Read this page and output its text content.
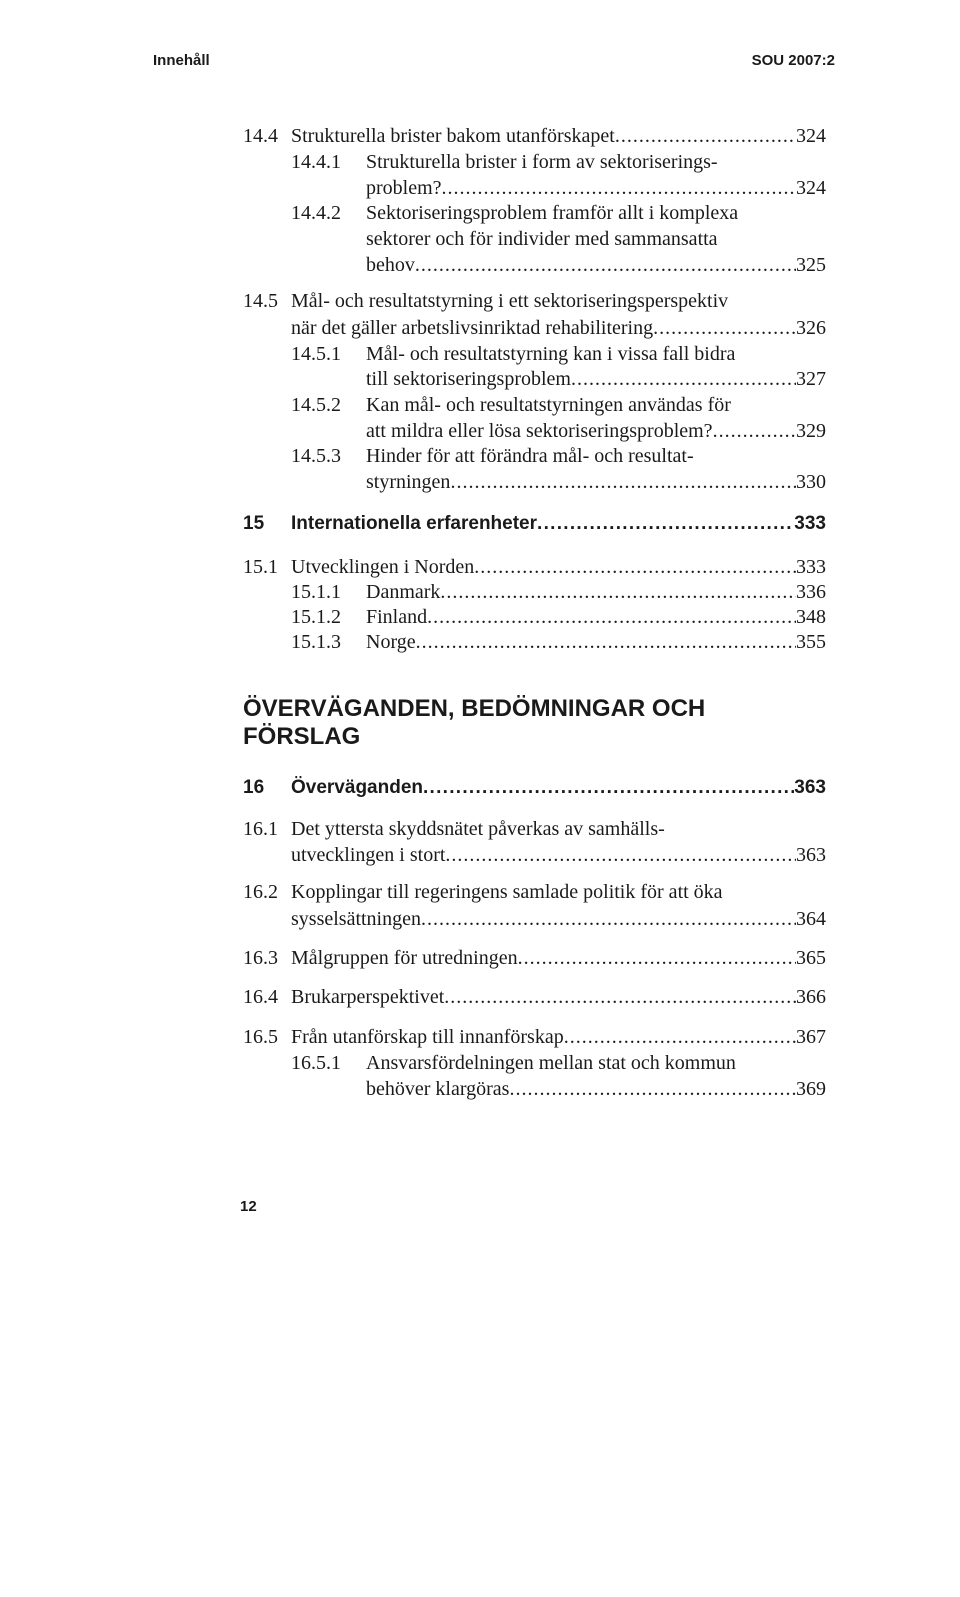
Innehåll	SOU 2007:2
14.4 Strukturella brister bakom utanförskapet . . .	324
14.4.1 Strukturella brister i form av sektoriserings-
problem? . . .	324
14.4.2 Sektoriseringsproblem framför allt i komplexa
sektorer och för individer med sammansatta
behov . . .	325
14.5 Mål- och resultatstyrning i ett sektoriseringsperspektiv
när det gäller arbetslivsinriktad rehabilitering . . .	326
14.5.1 Mål- och resultatstyrning kan i vissa fall bidra
till sektoriseringsproblem . . .	327
14.5.2 Kan mål- och resultatstyrningen användas för
att mildra eller lösa sektoriseringsproblem? . . .	329
14.5.3 Hinder för att förändra mål- och resultat-
styrningen . . .	330
15 Internationella erfarenheter . . .	333
15.1 Utvecklingen i Norden . . .	333
15.1.1 Danmark . . .	336
15.1.2 Finland . . .	348
15.1.3 Norge . . .	355
ÖVERVÄGANDEN, BEDÖMNINGAR OCH
FÖRSLAG
16 Överväganden . . .	363
16.1 Det yttersta skyddsnätet påverkas av samhälls-
utvecklingen i stort . . .	363
16.2 Kopplingar till regeringens samlade politik för att öka
sysselsättningen . . .	364
16.3 Målgruppen för utredningen . . .	365
16.4 Brukarperspektivet . . .	366
16.5 Från utanförskap till innanförskap . . .	367
16.5.1 Ansvarsfördelningen mellan stat och kommun
behöver klargöras . . .	369
12
